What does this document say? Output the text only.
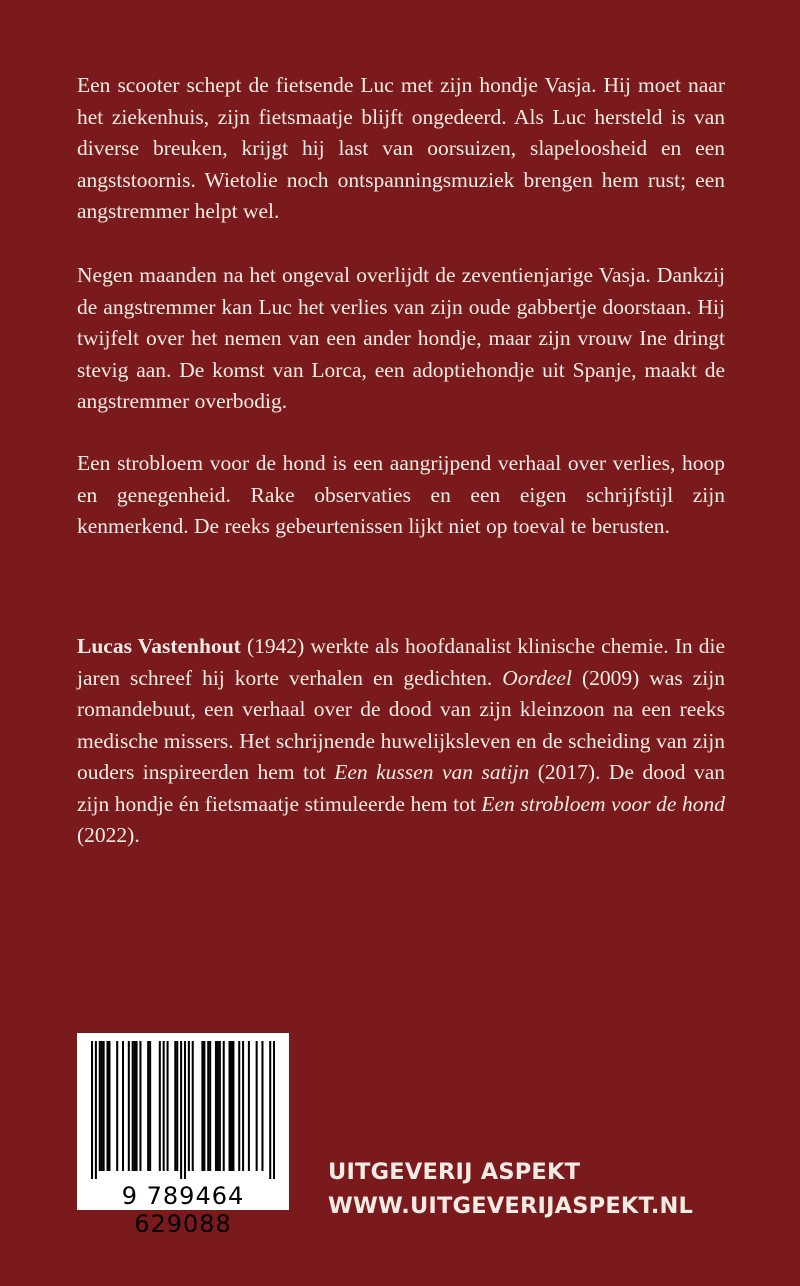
Een scooter schept de fietsende Luc met zijn hondje Vasja. Hij moet naar het ziekenhuis, zijn fietsmaatje blijft ongedeerd. Als Luc hersteld is van diverse breuken, krijgt hij last van oorsuizen, slapeloosheid en een angststoornis. Wietolie noch ontspanningsmuziek brengen hem rust; een angstremmer helpt wel.

Negen maanden na het ongeval overlijdt de zeventienjarige Vasja. Dankzij de angstremmer kan Luc het verlies van zijn oude gabbertje doorstaan. Hij twijfelt over het nemen van een ander hondje, maar zijn vrouw Ine dringt stevig aan. De komst van Lorca, een adoptiehondje uit Spanje, maakt de angstremmer overbodig.

Een strobloem voor de hond is een aangrijpend verhaal over verlies, hoop en genegenheid. Rake observaties en een eigen schrijfstijl zijn kenmerkend. De reeks gebeurtenissen lijkt niet op toeval te berusten.

Lucas Vastenhout (1942) werkte als hoofdanalist klinische chemie. In die jaren schreef hij korte verhalen en gedichten. Oordeel (2009) was zijn romandebuut, een verhaal over de dood van zijn kleinzoon na een reeks medische missers. Het schrijnende huwelijksleven en de scheiding van zijn ouders inspireerden hem tot Een kussen van satijn (2017). De dood van zijn hondje én fietsmaatje stimuleerde hem tot Een strobloem voor de hond (2022).

9 789464 629088
UITGEVERIJ ASPEKT
WWW.UITGEVERIJASPEKT.NL
